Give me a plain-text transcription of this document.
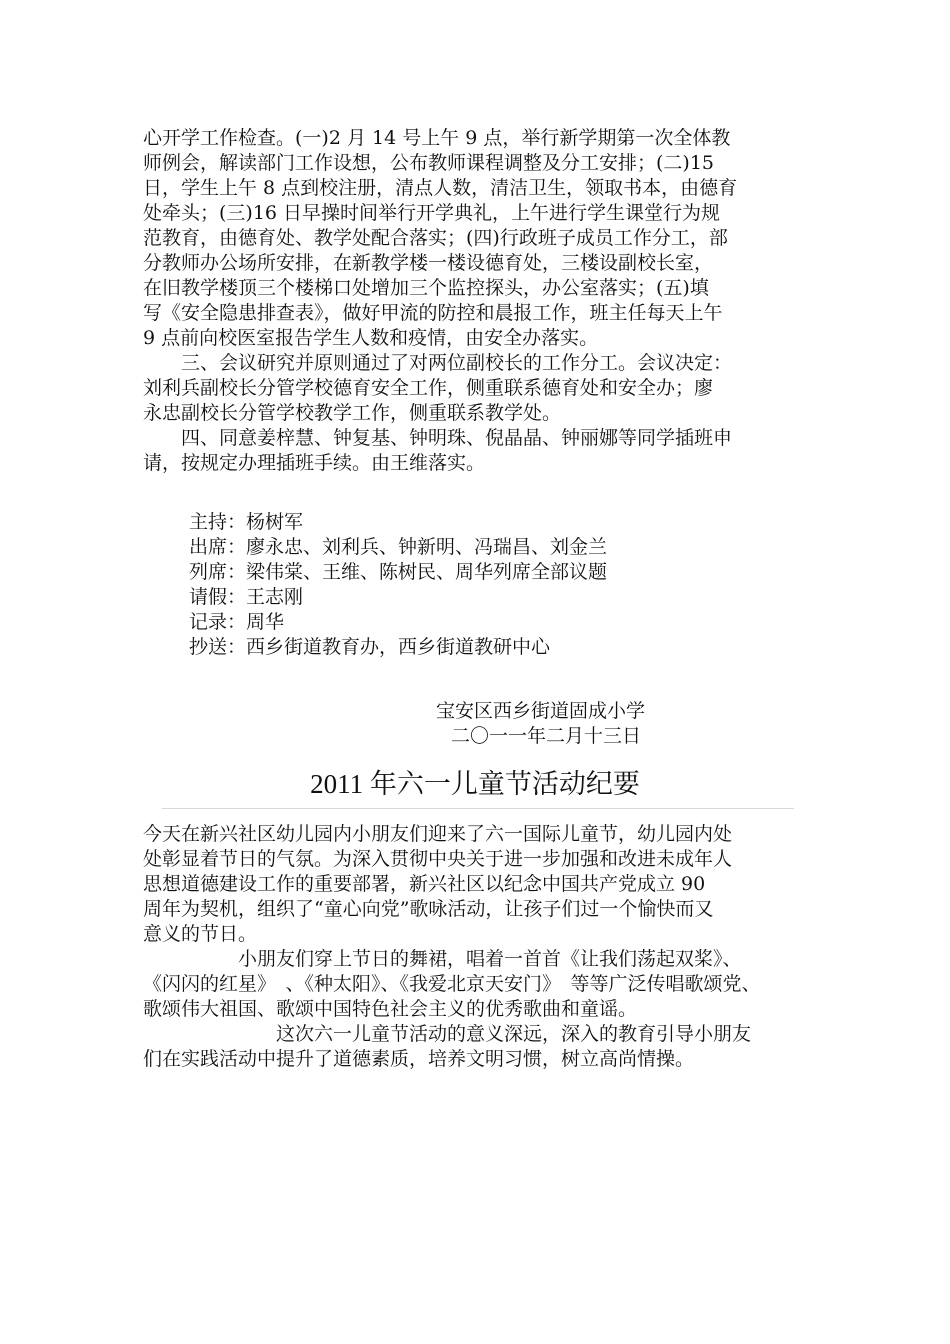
心开学工作检查。(一)2 月 14 号上午 9 点，举行新学期第一次全体教
师例会，解读部门工作设想，公布教师课程调整及分工安排；(二)15
日，学生上午 8 点到校注册，清点人数，清洁卫生，领取书本，由德育
处牵头；(三)16 日早操时间举行开学典礼，上午进行学生课堂行为规
范教育，由德育处、教学处配合落实；(四)行政班子成员工作分工，部
分教师办公场所安排，在新教学楼一楼设德育处，三楼设副校长室，
在旧教学楼顶三个楼梯口处增加三个监控探头，办公室落实；(五)填
写《安全隐患排查表》，做好甲流的防控和晨报工作，班主任每天上午
9 点前向校医室报告学生人数和疫情，由安全办落实。
　　三、会议研究并原则通过了对两位副校长的工作分工。会议决定：
刘利兵副校长分管学校德育安全工作，侧重联系德育处和安全办；廖
永忠副校长分管学校教学工作，侧重联系教学处。
　　四、同意姜梓慧、钟复基、钟明珠、倪晶晶、钟丽娜等同学插班申
请，按规定办理插班手续。由王维落实。
主持：杨树军
出席：廖永忠、刘利兵、钟新明、冯瑞昌、刘金兰
列席：梁伟棠、王维、陈树民、周华列席全部议题
请假：王志刚
记录：周华
抄送：西乡街道教育办，西乡街道教研中心
宝安区西乡街道固成小学
二〇一一年二月十三日
2011 年六一儿童节活动纪要
今天在新兴社区幼儿园内小朋友们迎来了六一国际儿童节，幼儿园内处
处彰显着节日的气氛。为深入贯彻中央关于进一步加强和改进未成年人
思想道德建设工作的重要部署，新兴社区以纪念中国共产党成立 90
周年为契机，组织了“童心向党”歌咏活动，让孩子们过一个愉快而又
意义的节日。
　　　　　小朋友们穿上节日的舞裙，唱着一首首《让我们荡起双桨》、
《闪闪的红星》　、《种太阳》、《我爱北京天安门》　等等广泛传唱歌颂党、
歌颂伟大祖国、歌颂中国特色社会主义的优秀歌曲和童谣。
　　　　　　　这次六一儿童节活动的意义深远，深入的教育引导小朋友
们在实践活动中提升了道德素质，培养文明习惯，树立高尚情操。
